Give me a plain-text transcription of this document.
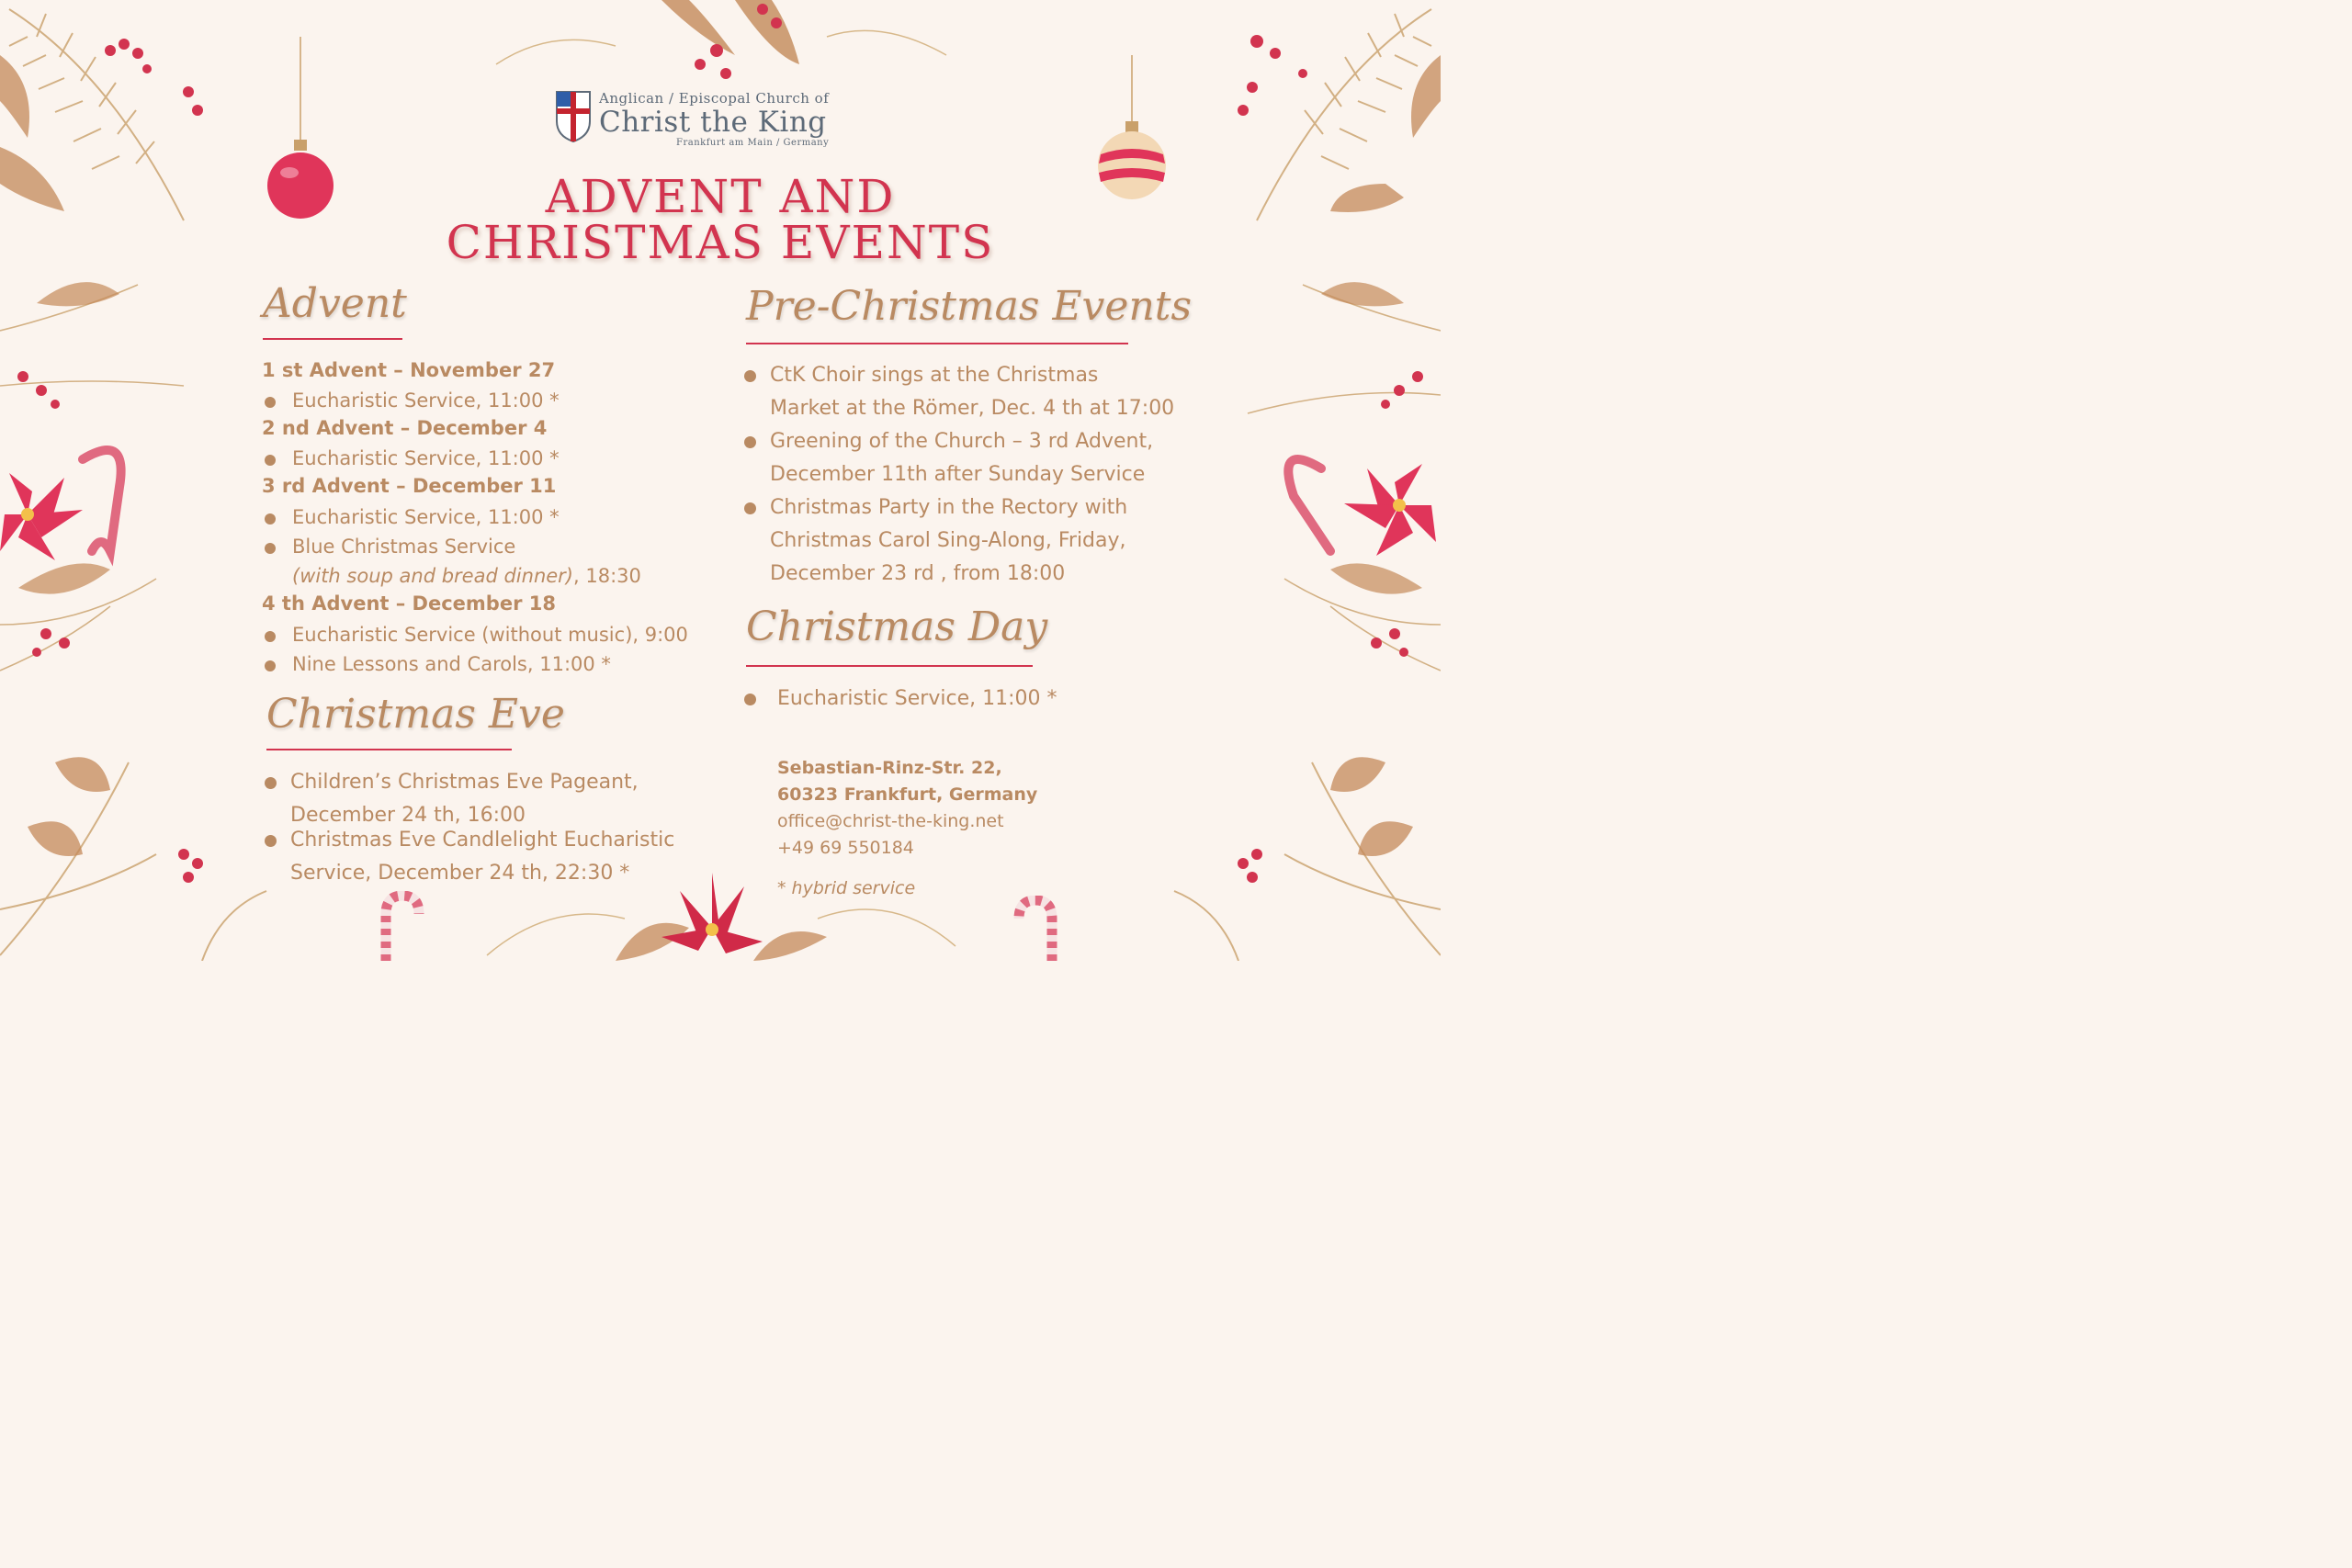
Anglican / Episcopal Church of
Christ the King
Frankfurt am Main / Germany
ADVENT AND
CHRISTMAS EVENTS
Advent
1 st Advent – November 27
Eucharistic Service, 11:00 *
2 nd Advent – December 4
Eucharistic Service, 11:00 *
3 rd Advent – December 11
Eucharistic Service, 11:00 *
Blue Christmas Service
(with soup and bread dinner), 18:30
4 th Advent – December 18
Eucharistic Service (without music), 9:00
Nine Lessons and Carols, 11:00 *
Christmas Eve
Children’s Christmas Eve Pageant,
December 24 th, 16:00
Christmas Eve Candlelight Eucharistic
Service, December 24 th, 22:30 *
Pre-Christmas Events
CtK Choir sings at the Christmas
Market at the Römer, Dec. 4 th at 17:00
Greening of the Church – 3 rd Advent,
December 11th after Sunday Service
Christmas Party in the Rectory with
Christmas Carol Sing-Along, Friday,
December 23 rd , from 18:00
Christmas Day
Eucharistic Service, 11:00 *
Sebastian-Rinz-Str. 22,
60323 Frankfurt, Germany
office@christ-the-king.net
+49 69 550184
* hybrid service
